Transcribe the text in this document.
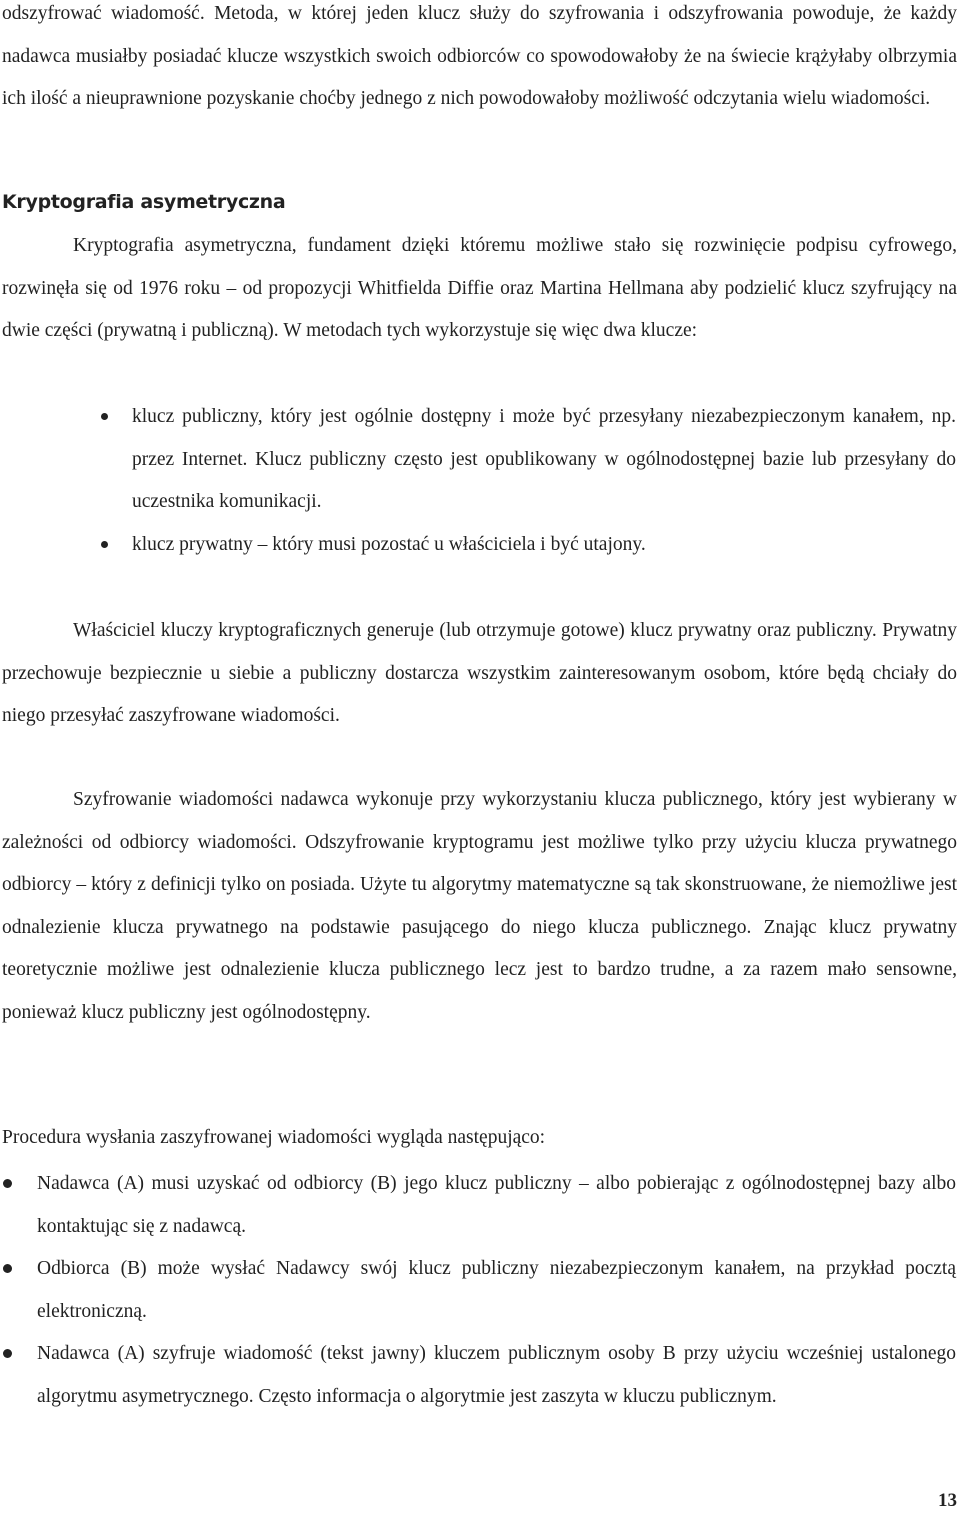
odszyfrować wiadomość. Metoda, w której jeden klucz służy do szyfrowania i odszyfrowania powoduje, że każdy nadawca musiałby posiadać klucze wszystkich swoich odbiorców co spowodowałoby że na świecie krążyłaby olbrzymia ich ilość a nieuprawnione pozyskanie choćby jednego z nich powodowałoby możliwość odczytania wielu wiadomości.

Kryptografia asymetryczna

Kryptografia asymetryczna, fundament dzięki któremu możliwe stało się rozwinięcie podpisu cyfrowego, rozwinęła się od 1976 roku – od propozycji Whitfielda Diffie oraz Martina Hellmana aby podzielić klucz szyfrujący na dwie części (prywatną i publiczną). W metodach tych wykorzystuje się więc dwa klucze:

klucz publiczny, który jest ogólnie dostępny i może być przesyłany niezabezpieczonym kanałem, np. przez Internet. Klucz publiczny często jest opublikowany w ogólnodostępnej bazie lub przesyłany do uczestnika komunikacji.
klucz prywatny – który musi pozostać u właściciela i być utajony.

Właściciel kluczy kryptograficznych generuje (lub otrzymuje gotowe) klucz prywatny oraz publiczny. Prywatny przechowuje bezpiecznie u siebie a publiczny dostarcza wszystkim zainteresowanym osobom, które będą chciały do niego przesyłać zaszyfrowane wiadomości.

Szyfrowanie wiadomości nadawca wykonuje przy wykorzystaniu klucza publicznego, który jest wybierany w zależności od odbiorcy wiadomości. Odszyfrowanie kryptogramu jest możliwe tylko przy użyciu klucza prywatnego odbiorcy – który z definicji tylko on posiada. Użyte tu algorytmy matematyczne są tak skonstruowane, że niemożliwe jest odnalezienie klucza prywatnego na podstawie pasującego do niego klucza publicznego. Znając klucz prywatny teoretycznie możliwe jest odnalezienie klucza publicznego lecz jest to bardzo trudne, a za razem mało sensowne, ponieważ klucz publiczny jest ogólnodostępny.

Procedura wysłania zaszyfrowanej wiadomości wygląda następująco:

Nadawca (A) musi uzyskać od odbiorcy (B) jego klucz publiczny – albo pobierając z ogólnodostępnej bazy albo kontaktując się z nadawcą.
Odbiorca (B) może wysłać Nadawcy swój klucz publiczny niezabezpieczonym kanałem, na przykład pocztą elektroniczną.
Nadawca (A) szyfruje wiadomość (tekst jawny) kluczem publicznym osoby B przy użyciu wcześniej ustalonego algorytmu asymetrycznego. Często informacja o algorytmie jest zaszyta w kluczu publicznym.
13
